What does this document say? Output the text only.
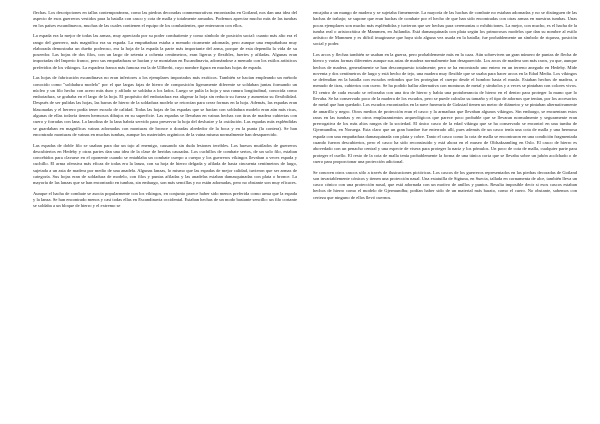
flechas. Los descripciones en tallas contemporáneas, como las piedras decoradas conmemorativas encontradas en Gotland, nos dan una idea del aspecto de esos guerreros vestidos para la batalla con casco y cota de malla y totalmente armados. Podemos apreciar mucho más de las tumbas en los países escandinavos, muchas de las cuales contienen el equipo de los combatientes, que enterraron con ellos.

La espada era la mejor de todas las armas, muy apreciada por su poder combatiente y como símbolo de posición social: cuanto más alto era el rango del guerrero, más magnífica era su espada. La empuñadura estaba a menudo ricamente adornada, pero aunque una empuñadura muy elaborada demostraba un dueño poderoso, era la hoja de la espada la parte más importante del arma, porque de esta dependía la vida de su poseedor. Las hojas de dos filos, con un largo de setenta a ochenta centímetros, eran ligeras y flexibles, fuertes y afiladas. Algunas eran importadas del Imperio franco, pero sus empuñaduras se hacían y se montaban en Escandinavia, adornándose a menudo con los estilos artísticos preferidos de los vikingos. La espadera franca más famosa era la de Ulfberht, cuyo nombre figura en muchas hojas de espada.

Las hojas de fabricación escandinava no eran inferiores a los ejemplares importados más exóticos. También se hacían empleando un método conocido como "soldadura modelo" por el que largas fajas de hierro de composición ligeramente diferente se soldaban juntas formando un núcleo y un filo hecho con acero más duro y afilado se soldaba a los lados. Luego se pulía la hoja y una ranura longitudinal, conocida como embotadura, se grababa en el largo de la hoja. El propósito del embotadura era aligerar la hoja sin reducir su fuerza y aumentar su flexibilidad. Después de ser pulidas las hojas, las barras de hierro de la soldadura modelo se retorcían para crear formas en la hoja. Además, las espadas eran blasonadas y el herrero podía tener escudo de calidad. Todas las hojas de las espadas que se hacían con soldadura modelo eran aún más ricas, algunas de ellas todavía tienen hermosos dibujos en su superficie. Las espadas se llevaban en vainas hechas con tiras de madera cubiertas con cuero y forradas con lana. La lanolina de la lana habría servido para preservar la hoja del deslustre y la oxidación. Las espadas más espléndidas se guardaban en magníficas vainas adornadas con monturas de bronce o doradas alrededor de la boca y en la punta (la contera). Se han encontrado monturas de vainas en muchas tumbas, aunque los materiales orgánicos de la vaina misma normalmente han desaparecido.

Las espadas de doble filo se usaban para dar un tajo al enemigo, causando sin duda lesiones terribles. Los huesos mutilados de guerreros descubiertos en Hedeby y otras partes dan una idea de la clase de heridas causadas. Los cuchillos de combate sertos, de un solo filo, estaban concebidos para clavarse en el oponente cuando se entablaba un combate cuerpo a cuerpo y los guerreros vikingos llevaban a veces espada y cuchillo. El arma ofensiva más eficaz de todas era la lanza, con su hoja de hierro delgada y afilada de hasta cincuenta centímetros de largo, sujetada a un asta de madera por medio de una anadela. Algunas lanzas, lo mismo que las espadas de mejor calidad, tuvieron que ser armas de categoría. Sus hojas eran de soldadura de modelo, con filos y puntas afiladas y las anadelas estaban damasquinadas con plata o bronce. La mayoría de las lanzas que se han encontrado en tumbas, sin embargo, son más sencillas y no están adornadas, pero no obstante son muy eficaces.

Aunque el hacha de combate se asocia popularmente con los vikingos, en conjunto parece haber sido menos preferida como arma que la espada y la lanza. Se han encontrado menos y casi todas ellas en Escandinavia occidental. Estaban hechas de un modo bastante sencillo: un filo cortante se soldaba a un bloque de hierro y el extremo se

encajaba a un mango de madera y se sujetaba firmemente. La mayoría de las hachas de combate no estaban adornadas y no se distinguen de las hachas de trabajo; se supone que eran hachas de combate por el hecho de que han sido encontradas con otras armas en nuestras tumbas. Unas pocas ejemplares son mucho más espléndidas y tuvieron que ser hechas para ceremonias o exhibiciones. La mejor, con mucho, es el hacha de la tumba real o aristocrática de Mammen, en Jutlandia. Está damasquinada con plata según los primorosos modelos que dan su nombre al estilo artístico de Mammen y es difícil imaginarse que haya sido alguna vez usada en la batalla; fue probablemente un símbolo de riqueza, posición social y poder.

Los arcos y flechas también se usaban en la guerra, pero probablemente más en la caza. Aún sobreviven un gran número de puntas de flecha de hierro y varias formas diferentes aunque sus astas de madera normalmente han desaparecido. Los arcos de madera son más raros, ya que, aunque hechos de madera, generalmente se han descompuesto totalmente; pero se ha encontrado uno entero en un terreno anegado en Hedeby. Mide noventa y dos centímetros de largo y está hecho de tejo, una madera muy flexible que se usaba para hacer arcos en la Edad Media. Los vikingos se defendían en la batalla con escudos redondos que les protegían el cuerpo desde el hombro hasta el muslo. Estaban hechos de madera, a menudo de tiras, cubiertos con cuero. Se ha podido hallar alternativa con monturas de metal y símbolos y a veces se pintaban con colores vivos. El centro de cada escudo se reforzaba con una tira de hierro y había una protuberancia de hierro en el dentro para proteger la mano que lo llevaba. Se ha conservado poco de la madera de los escudos, pero se puede calcular su tamaño y el tipo de adornos que tenían, por los accesorios de metal que han quedado. Los escudos encontrados en la nave funeraria de Gokstad tienen un metro de diámetro y se pintaban alternativamente de amarillo y negro. Otros medios de protección eran el casco y la armadura que llevaban algunos vikingos. Sin embargo, se encuentran estos raras en las tumbas y en otros emplazamientos arqueológicos que parece poco probable que se llevaran normalmente y seguramente eran prerrogativa de los más altos rangos de la sociedad. El único casco de la edad vikinga que se ha conservado se encontró en una tumba de Gjermundbu, en Noruega. Esta claro que un gran hombre fue enterrado allí, pues además de un casco tenía una cota de malla y una hermosa espada con una empuñadura damasquinada con plata y cobre. Tanto el casco como la cota de malla se encontraron en una condición fragmentada cuando fueron descubiertos, pero el casco ha sido reconstruido y está ahora en el museo de Oldsaksamling en Oslo. El casco de hierro es abovedado con un penacho central y una especie de visera para proteger la nariz y los pómulos. Un poco de cota de malla, cualquier parte para proteger el cuello. El resto de la cota de malla tenía probablemente la forma de una túnica corta que se llevaba sobre un jubón acolchado o de cuero para proporcionar una protección adicional.

Se conocen otros cascos sólo a través de ilustraciones pictóricas. Los cascos de los guerreros representados en las piedras decoradas de Gotland son invariablemente cónicos y tienen una protección nasal. Una estatuilla de Sigtuna, en Suecia, tallada en cornamenta de alce, también lleva un casco cónico con una protección nasal, que está adornada con un motivo de anillos y puntos. Resulta imposible decir si esos cascos estaban hechos de hierro como el modelo de Gjermundbu; podían haber sido de un material más barato, como el cuero. No obstante, sabemos con certeza que ninguno de ellos llevó cuernos.
